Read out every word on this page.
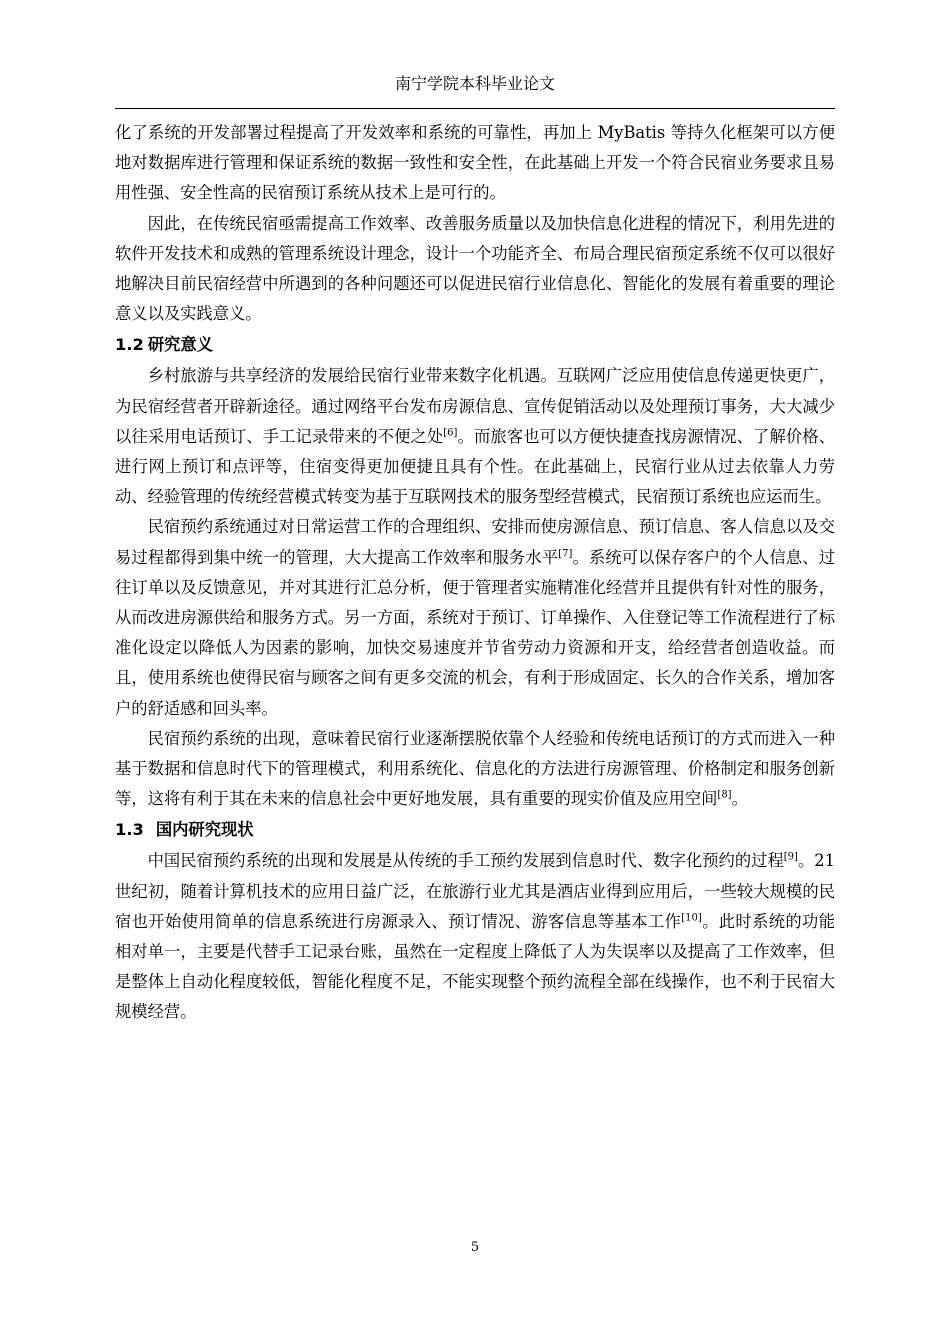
南宁学院本科毕业论文

化了系统的开发部署过程提高了开发效率和系统的可靠性，再加上 MyBatis 等持久化框架可以方便地对数据库进行管理和保证系统的数据一致性和安全性，在此基础上开发一个符合民宿业务要求且易用性强、安全性高的民宿预订系统从技术上是可行的。

因此，在传统民宿亟需提高工作效率、改善服务质量以及加快信息化进程的情况下，利用先进的软件开发技术和成熟的管理系统设计理念，设计一个功能齐全、布局合理民宿预定系统不仅可以很好地解决目前民宿经营中所遇到的各种问题还可以促进民宿行业信息化、智能化的发展有着重要的理论意义以及实践意义。

1.2 研究意义

乡村旅游与共享经济的发展给民宿行业带来数字化机遇。互联网广泛应用使信息传递更快更广，为民宿经营者开辟新途径。通过网络平台发布房源信息、宣传促销活动以及处理预订事务，大大减少以往采用电话预订、手工记录带来的不便之处[6]。而旅客也可以方便快捷查找房源情况、了解价格、进行网上预订和点评等，住宿变得更加便捷且具有个性。在此基础上，民宿行业从过去依靠人力劳动、经验管理的传统经营模式转变为基于互联网技术的服务型经营模式，民宿预订系统也应运而生。

民宿预约系统通过对日常运营工作的合理组织、安排而使房源信息、预订信息、客人信息以及交易过程都得到集中统一的管理，大大提高工作效率和服务水平[7]。系统可以保存客户的个人信息、过往订单以及反馈意见，并对其进行汇总分析，便于管理者实施精准化经营并且提供有针对性的服务，从而改进房源供给和服务方式。另一方面，系统对于预订、订单操作、入住登记等工作流程进行了标准化设定以降低人为因素的影响，加快交易速度并节省劳动力资源和开支，给经营者创造收益。而且，使用系统也使得民宿与顾客之间有更多交流的机会，有利于形成固定、长久的合作关系，增加客户的舒适感和回头率。

民宿预约系统的出现，意味着民宿行业逐渐摆脱依靠个人经验和传统电话预订的方式而进入一种基于数据和信息时代下的管理模式，利用系统化、信息化的方法进行房源管理、价格制定和服务创新等，这将有利于其在未来的信息社会中更好地发展，具有重要的现实价值及应用空间[8]。

1.3 国内研究现状

中国民宿预约系统的出现和发展是从传统的手工预约发展到信息时代、数字化预约的过程[9]。21 世纪初，随着计算机技术的应用日益广泛，在旅游行业尤其是酒店业得到应用后，一些较大规模的民宿也开始使用简单的信息系统进行房源录入、预订情况、游客信息等基本工作[10]。此时系统的功能相对单一，主要是代替手工记录台账，虽然在一定程度上降低了人为失误率以及提高了工作效率，但是整体上自动化程度较低，智能化程度不足，不能实现整个预约流程全部在线操作，也不利于民宿大规模经营。

5
